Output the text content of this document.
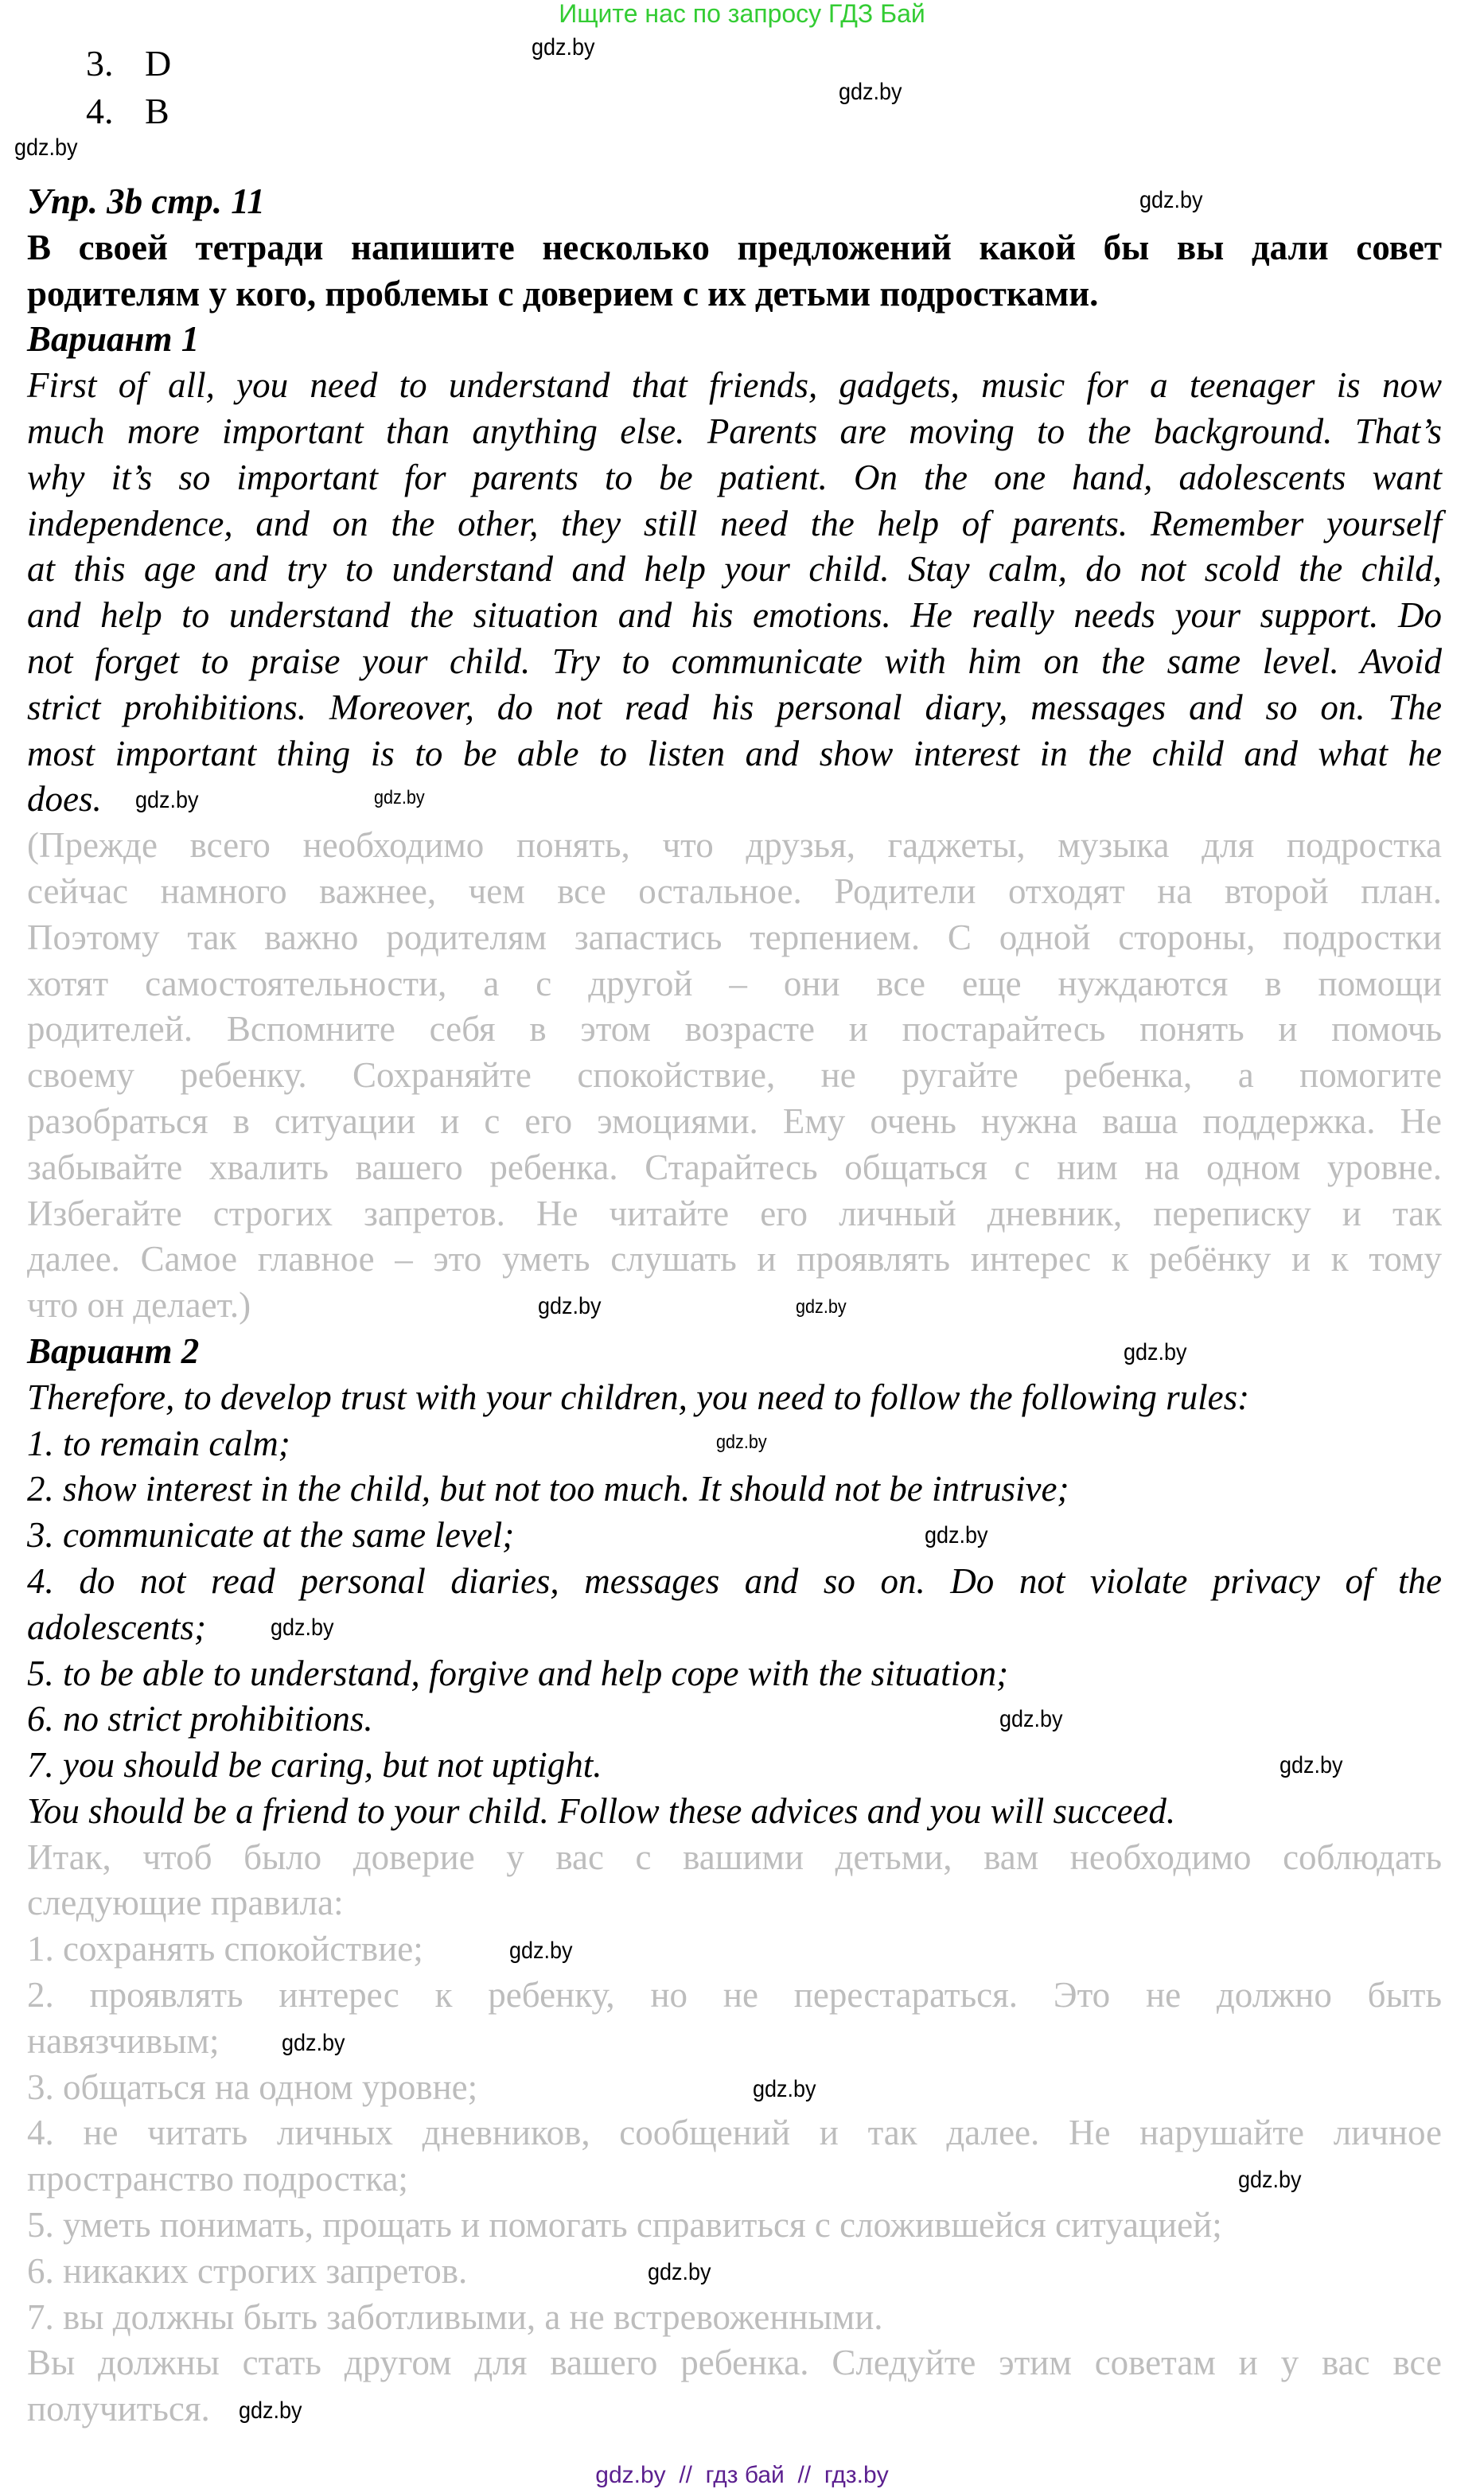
Ищите нас по запросу ГДЗ Бай
3. D
4. B
Упр. 3b стр. 11
В своей тетради напишите несколько предложений какой бы вы дали совет
родителям у кого, проблемы с доверием с их детьми подростками.
Вариант 1
First of all, you need to understand that friends, gadgets, music for a teenager is now
much more important than anything else. Parents are moving to the background. That’s
why it’s so important for parents to be patient. On the one hand, adolescents want
independence, and on the other, they still need the help of parents. Remember yourself
at this age and try to understand and help your child. Stay calm, do not scold the child,
and help to understand the situation and his emotions. He really needs your support. Do
not forget to praise your child. Try to communicate with him on the same level. Avoid
strict prohibitions. Moreover, do not read his personal diary, messages and so on. The
most important thing is to be able to listen and show interest in the child and what he
does.
(Прежде всего необходимо понять, что друзья, гаджеты, музыка для подростка
сейчас намного важнее, чем все остальное. Родители отходят на второй план.
Поэтому так важно родителям запастись терпением. С одной стороны, подростки
хотят самостоятельности, а с другой – они все еще нуждаются в помощи
родителей. Вспомните себя в этом возрасте и постарайтесь понять и помочь
своему ребенку. Сохраняйте спокойствие, не ругайте ребенка, а помогите
разобраться в ситуации и с его эмоциями. Ему очень нужна ваша поддержка. Не
забывайте хвалить вашего ребенка. Старайтесь общаться с ним на одном уровне.
Избегайте строгих запретов. Не читайте его личный дневник, переписку и так
далее. Самое главное – это уметь слушать и проявлять интерес к ребёнку и к тому
что он делает.)
Вариант 2
Therefore, to develop trust with your children, you need to follow the following rules:
1. to remain calm;
2. show interest in the child, but not too much. It should not be intrusive;
3. communicate at the same level;
4. do not read personal diaries, messages and so on. Do not violate privacy of the
adolescents;
5. to be able to understand, forgive and help cope with the situation;
6. no strict prohibitions.
7. you should be caring, but not uptight.
You should be a friend to your child. Follow these advices and you will succeed.
Итак, чтоб было доверие у вас с вашими детьми, вам необходимо соблюдать
следующие правила:
1. сохранять спокойствие;
2. проявлять интерес к ребенку, но не перестараться. Это не должно быть
навязчивым;
3. общаться на одном уровне;
4. не читать личных дневников, сообщений и так далее. Не нарушайте личное
пространство подростка;
5. уметь понимать, прощать и помогать справиться с сложившейся ситуацией;
6. никаких строгих запретов.
7. вы должны быть заботливыми, а не встревоженными.
Вы должны стать другом для вашего ребенка. Следуйте этим советам и у вас все
получиться.
gdz.by
gdz.by
gdz.by
gdz.by
gdz.by
gdz.by
gdz.by
gdz.by
gdz.by
gdz.by
gdz.by
gdz.by
gdz.by
gdz.by
gdz.by
gdz.by
gdz.by
gdz.by
gdz.by
gdz.by
gdz.by  //  гдз бай  //  гдз.by
